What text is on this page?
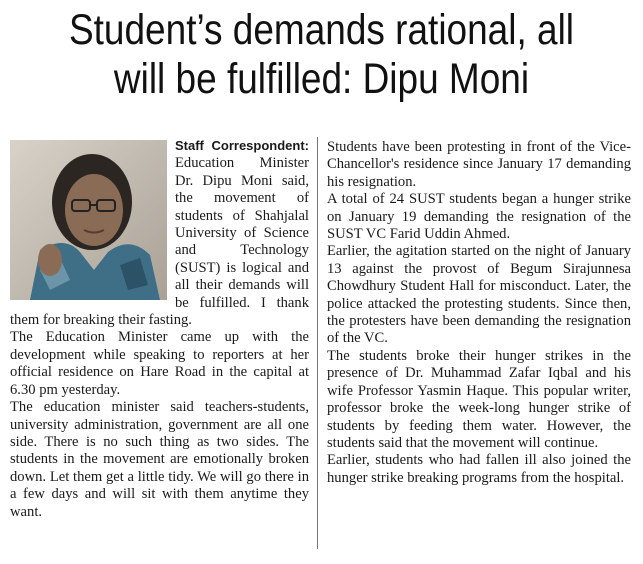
Student’s demands rational, all
will be fulfilled: Dipu Moni

Staff Correspondent: Education Minister Dr. Dipu Moni said, the movement of students of Shahjalal University of Science and Technology (SUST) is logical and all their demands will be fulfilled. I thank them for breaking their fasting.

The Education Minister came up with the development while speaking to reporters at her official residence on Hare Road in the capital at 6.30 pm yesterday.

The education minister said teachers-students, university administration, government are all one side. There is no such thing as two sides. The students in the movement are emotionally broken down. Let them get a little tidy. We will go there in a few days and will sit with them anytime they want.

Students have been protesting in front of the Vice-Chancellor's residence since January 17 demanding his resignation.

A total of 24 SUST students began a hunger strike on January 19 demanding the resignation of the SUST VC Farid Uddin Ahmed.

Earlier, the agitation started on the night of January 13 against the provost of Begum Sirajunnesa Chowdhury Student Hall for misconduct. Later, the police attacked the protesting students. Since then, the protesters have been demanding the resignation of the VC.

The students broke their hunger strikes in the presence of Dr. Muhammad Zafar Iqbal and his wife Professor Yasmin Haque. This popular writer, professor broke the week-long hunger strike of students by feeding them water. However, the students said that the movement will continue.

Earlier, students who had fallen ill also joined the hunger strike breaking programs from the hospital.
